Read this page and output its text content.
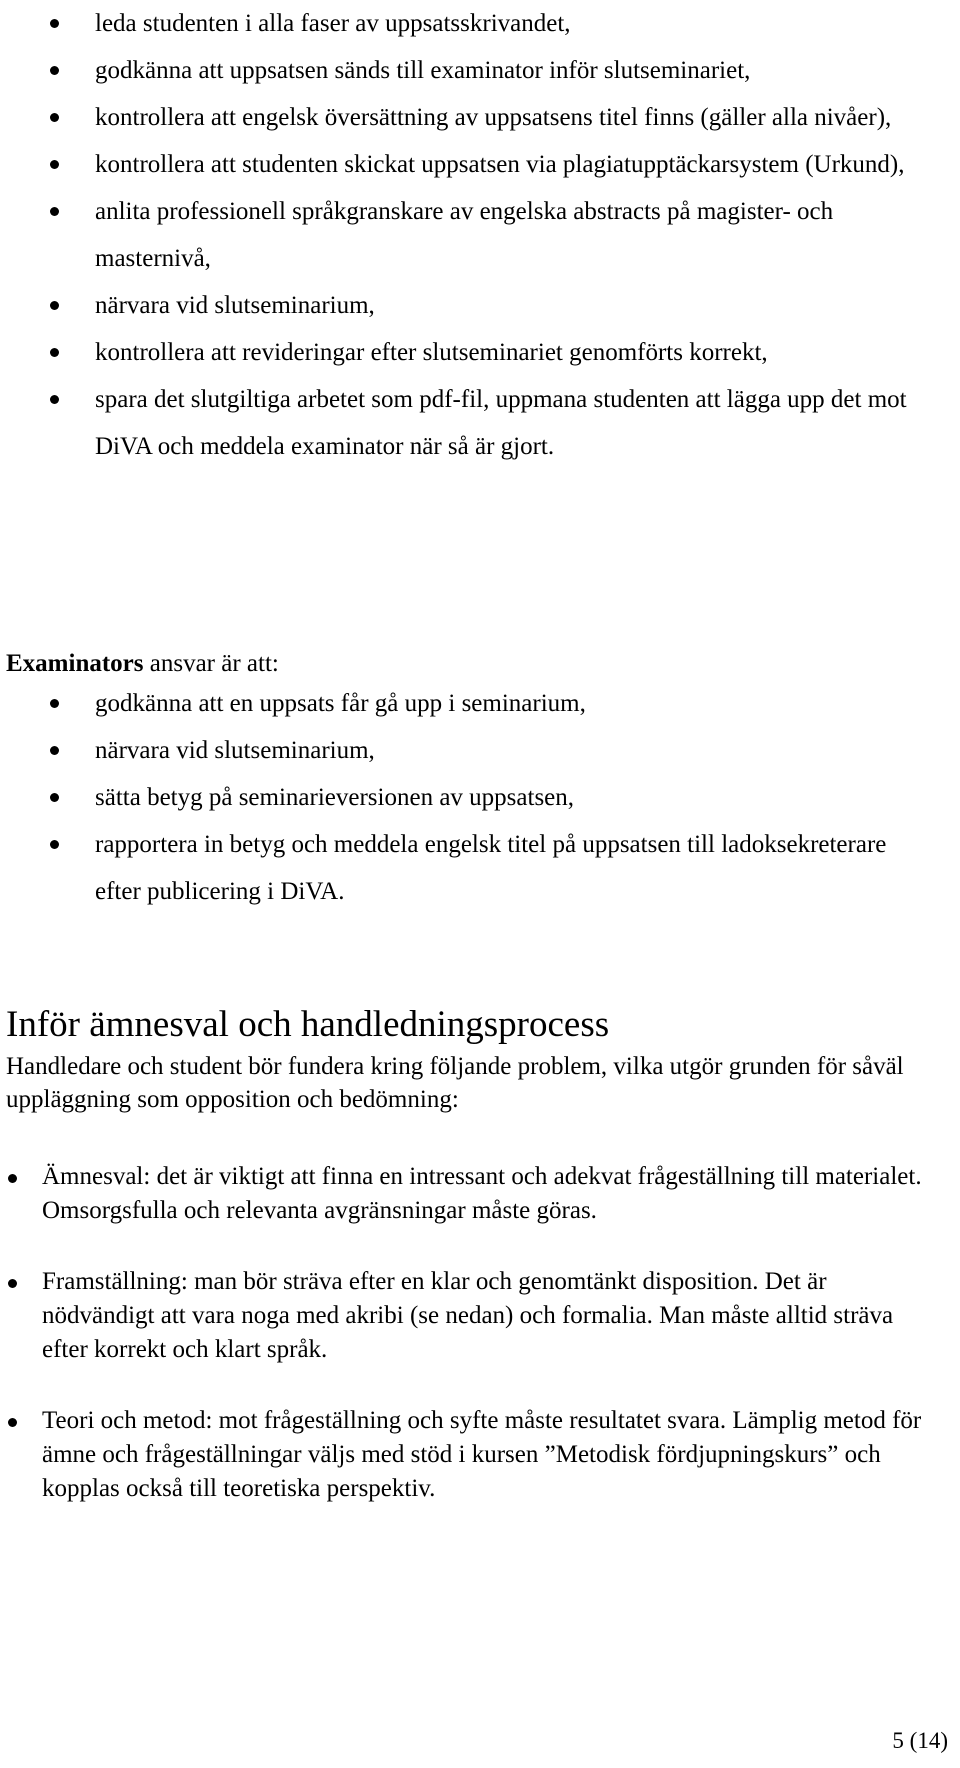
leda studenten i alla faser av uppsatsskrivandet,
godkänna att uppsatsen sänds till examinator inför slutseminariet,
kontrollera att engelsk översättning av uppsatsens titel finns (gäller alla nivåer),
kontrollera att studenten skickat uppsatsen via plagiatupptäckarsystem (Urkund),
anlita professionell språkgranskare av engelska abstracts på magister- och masternivå,
närvara vid slutseminarium,
kontrollera att revideringar efter slutseminariet genomförts korrekt,
spara det slutgiltiga arbetet som pdf-fil, uppmana studenten att lägga upp det mot DiVA och meddela examinator när så är gjort.

Examinators ansvar är att:

godkänna att en uppsats får gå upp i seminarium,
närvara vid slutseminarium,
sätta betyg på seminarieversionen av uppsatsen,
rapportera in betyg och meddela engelsk titel på uppsatsen till ladoksekreterare efter publicering i DiVA.
Inför ämnesval och handledningsprocess

Handledare och student bör fundera kring följande problem, vilka utgör grunden för såväl uppläggning som opposition och bedömning:

Ämnesval: det är viktigt att finna en intressant och adekvat frågeställning till materialet. Omsorgsfulla och relevanta avgränsningar måste göras.
Framställning: man bör sträva efter en klar och genomtänkt disposition. Det är nödvändigt att vara noga med akribi (se nedan) och formalia. Man måste alltid sträva efter korrekt och klart språk.
Teori och metod: mot frågeställning och syfte måste resultatet svara. Lämplig metod för ämne och frågeställningar väljs med stöd i kursen ”Metodisk fördjupningskurs” och kopplas också till teoretiska perspektiv.
5 (14)
